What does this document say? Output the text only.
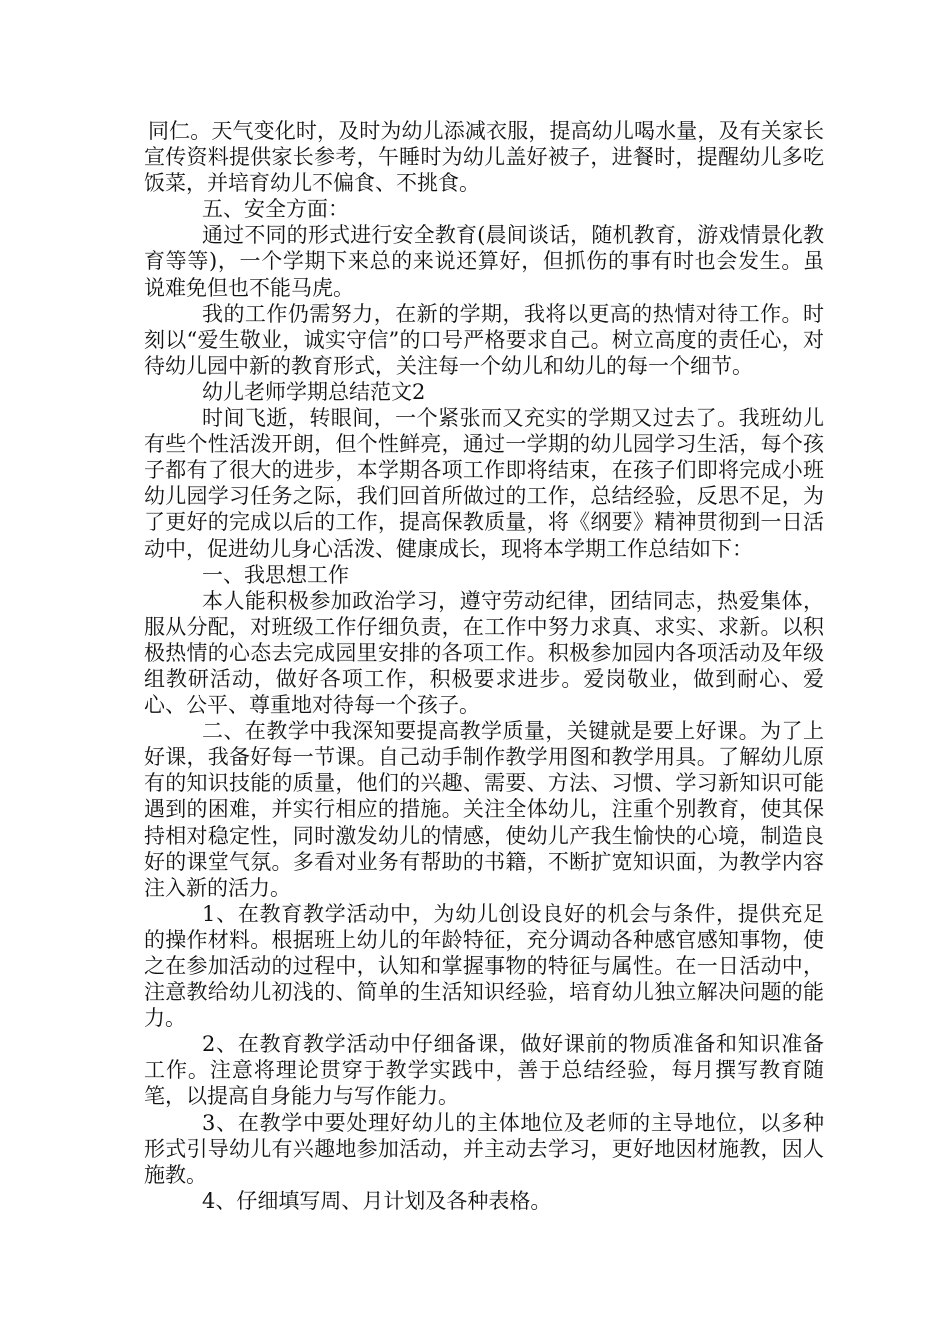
同仁。天气变化时，及时为幼儿添减衣服，提高幼儿喝水量，及有关家长宣传资料提供家长参考，午睡时为幼儿盖好被子，进餐时，提醒幼儿多吃饭菜，并培育幼儿不偏食、不挑食。

五、安全方面：

通过不同的形式进行安全教育(晨间谈话，随机教育，游戏情景化教育等等)，一个学期下来总的来说还算好，但抓伤的事有时也会发生。虽说难免但也不能马虎。

我的工作仍需努力，在新的学期，我将以更高的热情对待工作。时刻以“爱生敬业，诚实守信”的口号严格要求自己。树立高度的责任心，对待幼儿园中新的教育形式，关注每一个幼儿和幼儿的每一个细节。

幼儿老师学期总结范文2

时间飞逝，转眼间，一个紧张而又充实的学期又过去了。我班幼儿有些个性活泼开朗，但个性鲜亮，通过一学期的幼儿园学习生活，每个孩子都有了很大的进步，本学期各项工作即将结束，在孩子们即将完成小班幼儿园学习任务之际，我们回首所做过的工作，总结经验，反思不足，为了更好的完成以后的工作，提高保教质量，将《纲要》精神贯彻到一日活动中，促进幼儿身心活泼、健康成长，现将本学期工作总结如下：

一、我思想工作

本人能积极参加政治学习，遵守劳动纪律，团结同志，热爱集体，服从分配，对班级工作仔细负责，在工作中努力求真、求实、求新。以积极热情的心态去完成园里安排的各项工作。积极参加园内各项活动及年级组教研活动，做好各项工作，积极要求进步。爱岗敬业，做到耐心、爱心、公平、尊重地对待每一个孩子。

二、在教学中我深知要提高教学质量，关键就是要上好课。为了上好课，我备好每一节课。自己动手制作教学用图和教学用具。了解幼儿原有的知识技能的质量，他们的兴趣、需要、方法、习惯、学习新知识可能遇到的困难，并实行相应的措施。关注全体幼儿，注重个别教育，使其保持相对稳定性，同时激发幼儿的情感，使幼儿产我生愉快的心境，制造良好的课堂气氛。多看对业务有帮助的书籍，不断扩宽知识面，为教学内容注入新的活力。

1、在教育教学活动中，为幼儿创设良好的机会与条件，提供充足的操作材料。根据班上幼儿的年龄特征，充分调动各种感官感知事物，使之在参加活动的过程中，认知和掌握事物的特征与属性。在一日活动中，注意教给幼儿初浅的、简单的生活知识经验，培育幼儿独立解决问题的能力。

2、在教育教学活动中仔细备课，做好课前的物质准备和知识准备工作。注意将理论贯穿于教学实践中，善于总结经验，每月撰写教育随笔，以提高自身能力与写作能力。

3、在教学中要处理好幼儿的主体地位及老师的主导地位，以多种形式引导幼儿有兴趣地参加活动，并主动去学习，更好地因材施教，因人施教。

4、仔细填写周、月计划及各种表格。
